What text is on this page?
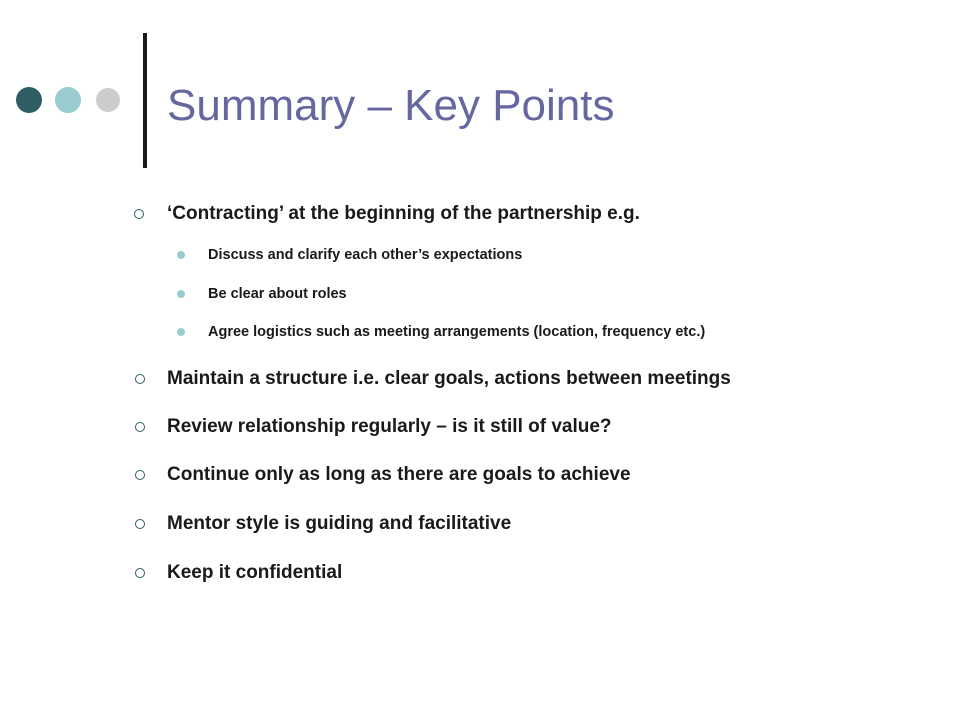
Summary – Key Points
‘Contracting’ at the beginning of the partnership e.g.
Discuss and clarify each other’s expectations
Be clear about roles
Agree logistics such as meeting arrangements (location, frequency etc.)
Maintain a structure i.e. clear goals, actions between meetings
Review relationship regularly – is it still of value?
Continue only as long as there are goals to achieve
Mentor style is guiding and facilitative
Keep it confidential
